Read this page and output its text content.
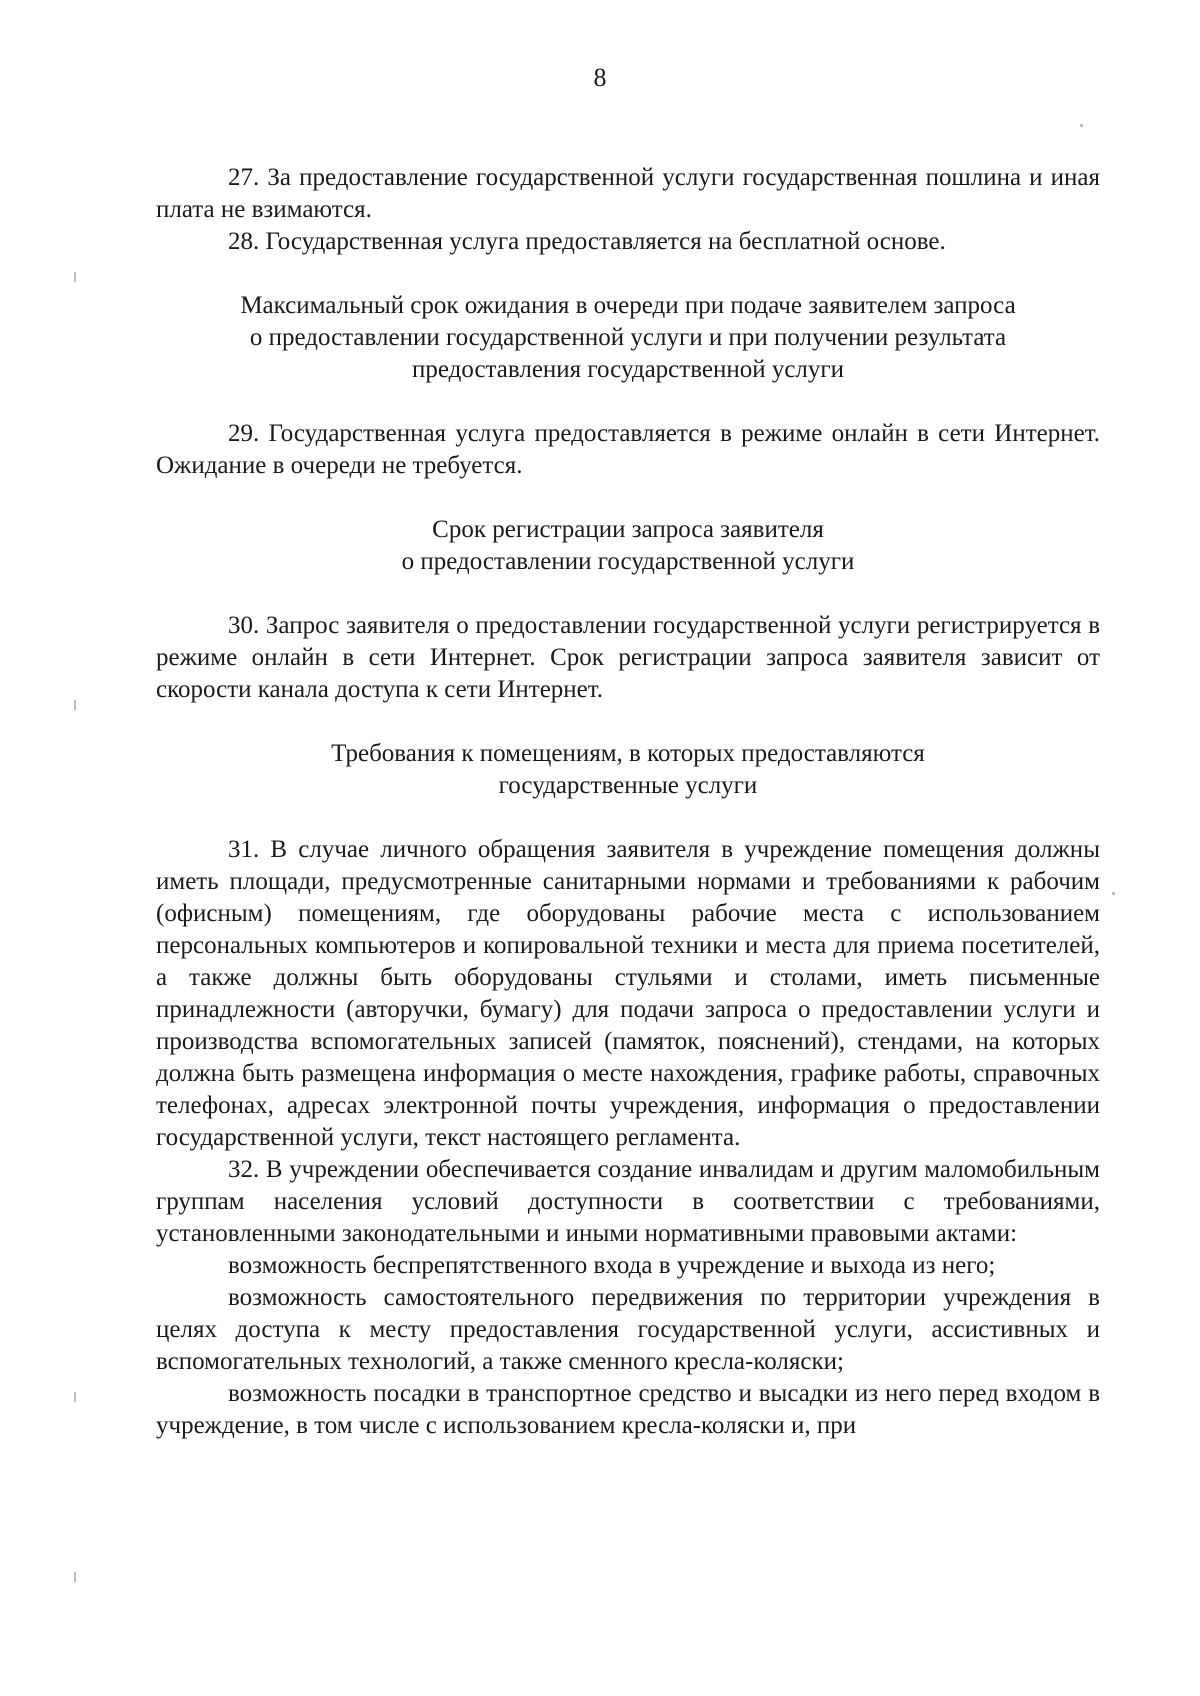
8

27. За предоставление государственной услуги государственная пошлина и иная плата не взимаются.

28. Государственная услуга предоставляется на бесплатной основе.

Максимальный срок ожидания в очереди при подаче заявителем запроса
о предоставлении государственной услуги и при получении результата
предоставления государственной услуги

29. Государственная услуга предоставляется в режиме онлайн в сети Интернет. Ожидание в очереди не требуется.

Срок регистрации запроса заявителя
о предоставлении государственной услуги

30. Запрос заявителя о предоставлении государственной услуги регистрируется в режиме онлайн в сети Интернет. Срок регистрации запроса заявителя зависит от скорости канала доступа к сети Интернет.

Требования к помещениям, в которых предоставляются
государственные услуги

31. В случае личного обращения заявителя в учреждение помещения должны иметь площади, предусмотренные санитарными нормами и требованиями к рабочим (офисным) помещениям, где оборудованы рабочие места с использованием персональных компьютеров и копировальной техники и места для приема посетителей, а также должны быть оборудованы стульями и столами, иметь письменные принадлежности (авторучки, бумагу) для подачи запроса о предоставлении услуги и производства вспомогательных записей (памяток, пояснений), стендами, на которых должна быть размещена информация о месте нахождения, графике работы, справочных телефонах, адресах электронной почты учреждения, информация о предоставлении государственной услуги, текст настоящего регламента.

32. В учреждении обеспечивается создание инвалидам и другим маломобильным группам населения условий доступности в соответствии с требованиями, установленными законодательными и иными нормативными правовыми актами:

возможность беспрепятственного входа в учреждение и выхода из него;

возможность самостоятельного передвижения по территории учреждения в целях доступа к месту предоставления государственной услуги, ассистивных и вспомогательных технологий, а также сменного кресла-коляски;

возможность посадки в транспортное средство и высадки из него перед входом в учреждение, в том числе с использованием кресла-коляски и, при
